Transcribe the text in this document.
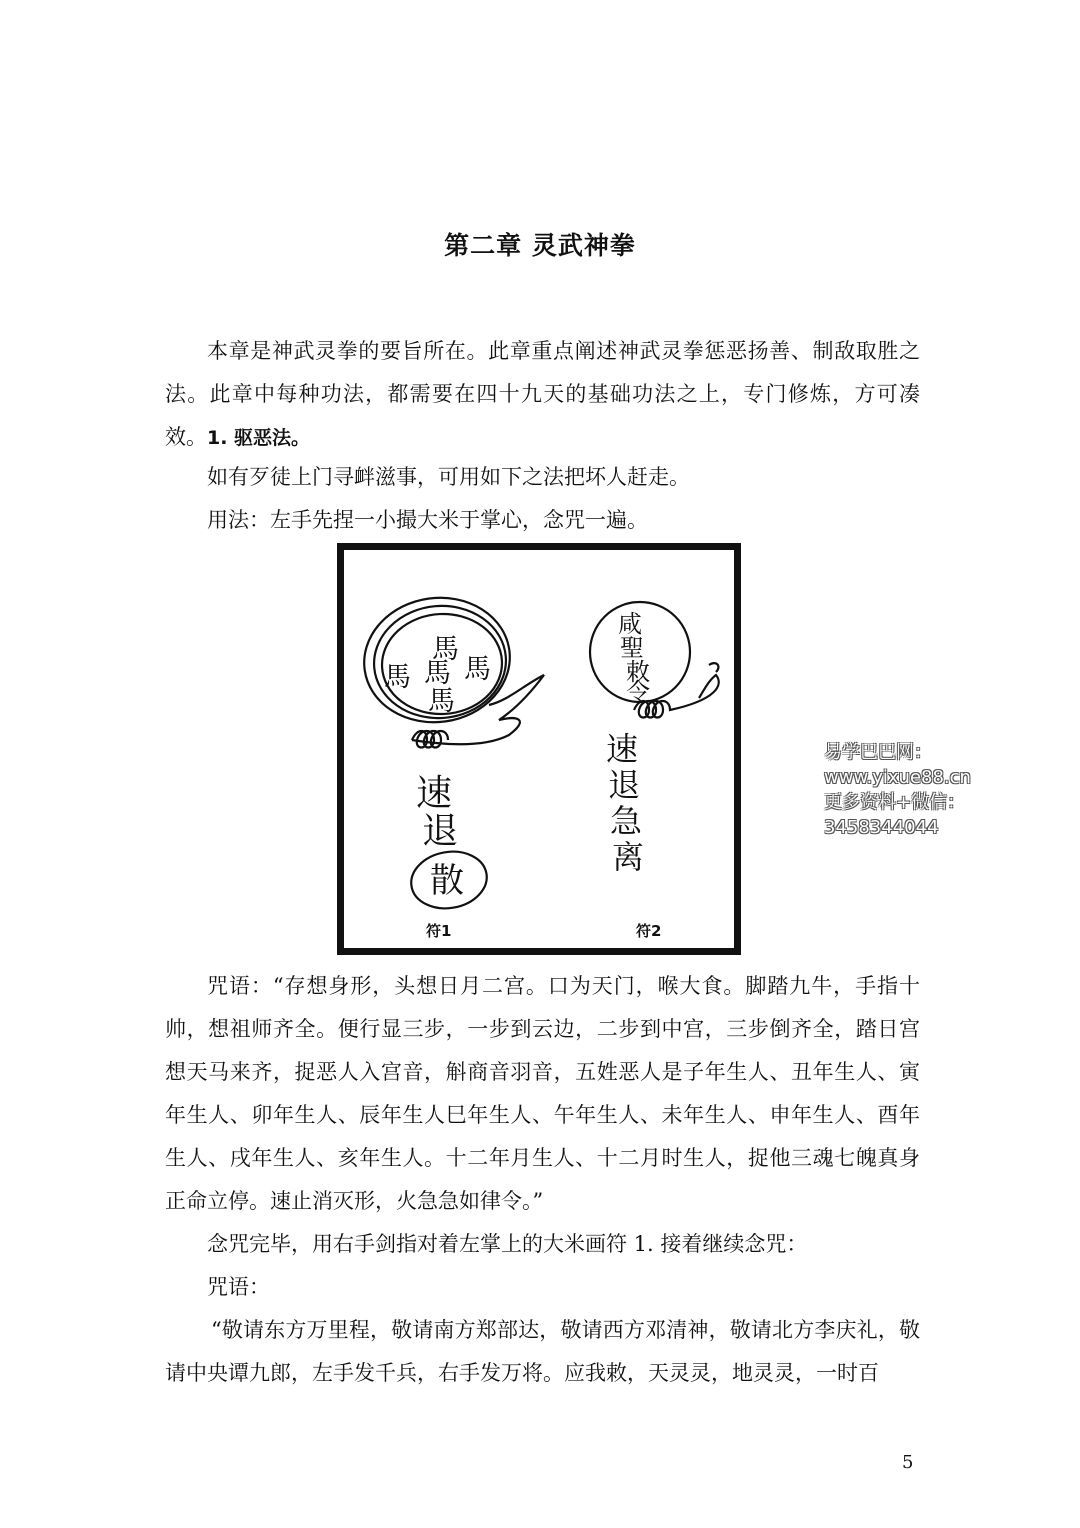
第二章 灵武神拳

本章是神武灵拳的要旨所在。此章重点阐述神武灵拳惩恶扬善、制敌取胜之法。此章中每种功法，都需要在四十九天的基础功法之上，专门修炼，方可凑效。 1. 驱恶法。

如有歹徒上门寻衅滋事，可用如下之法把坏人赶走。

用法：左手先捏一小撮大米于掌心，念咒一遍。

馬
馬 馬
馬
馬
速
退
散
咸
聖
敕
令
速
退
急
离
符1	符2
易学巴巴网：www.yixue88.cn
更多资料+微信：3458344044

咒语：“存想身形，头想日月二宫。口为天门，喉大食。脚踏九牛，手指十帅，想祖师齐全。便行显三步，一步到云边，二步到中宫，三步倒齐全，踏日宫想天马来齐，捉恶人入宫音，斛商音羽音，五姓恶人是子年生人、丑年生人、寅年生人、卯年生人、辰年生人巳年生人、午年生人、未年生人、申年生人、酉年生人、戌年生人、亥年生人。十二年月生人、十二月时生人，捉他三魂七魄真身正命立停。速止消灭形，火急急如律令。”

念咒完毕，用右手剑指对着左掌上的大米画符 1. 接着继续念咒：

咒语：

“敬请东方万里程，敬请南方郑部达，敬请西方邓清神，敬请北方李庆礼，敬请中央谭九郎，左手发千兵，右手发万将。应我敕，天灵灵，地灵灵，一时百

5
